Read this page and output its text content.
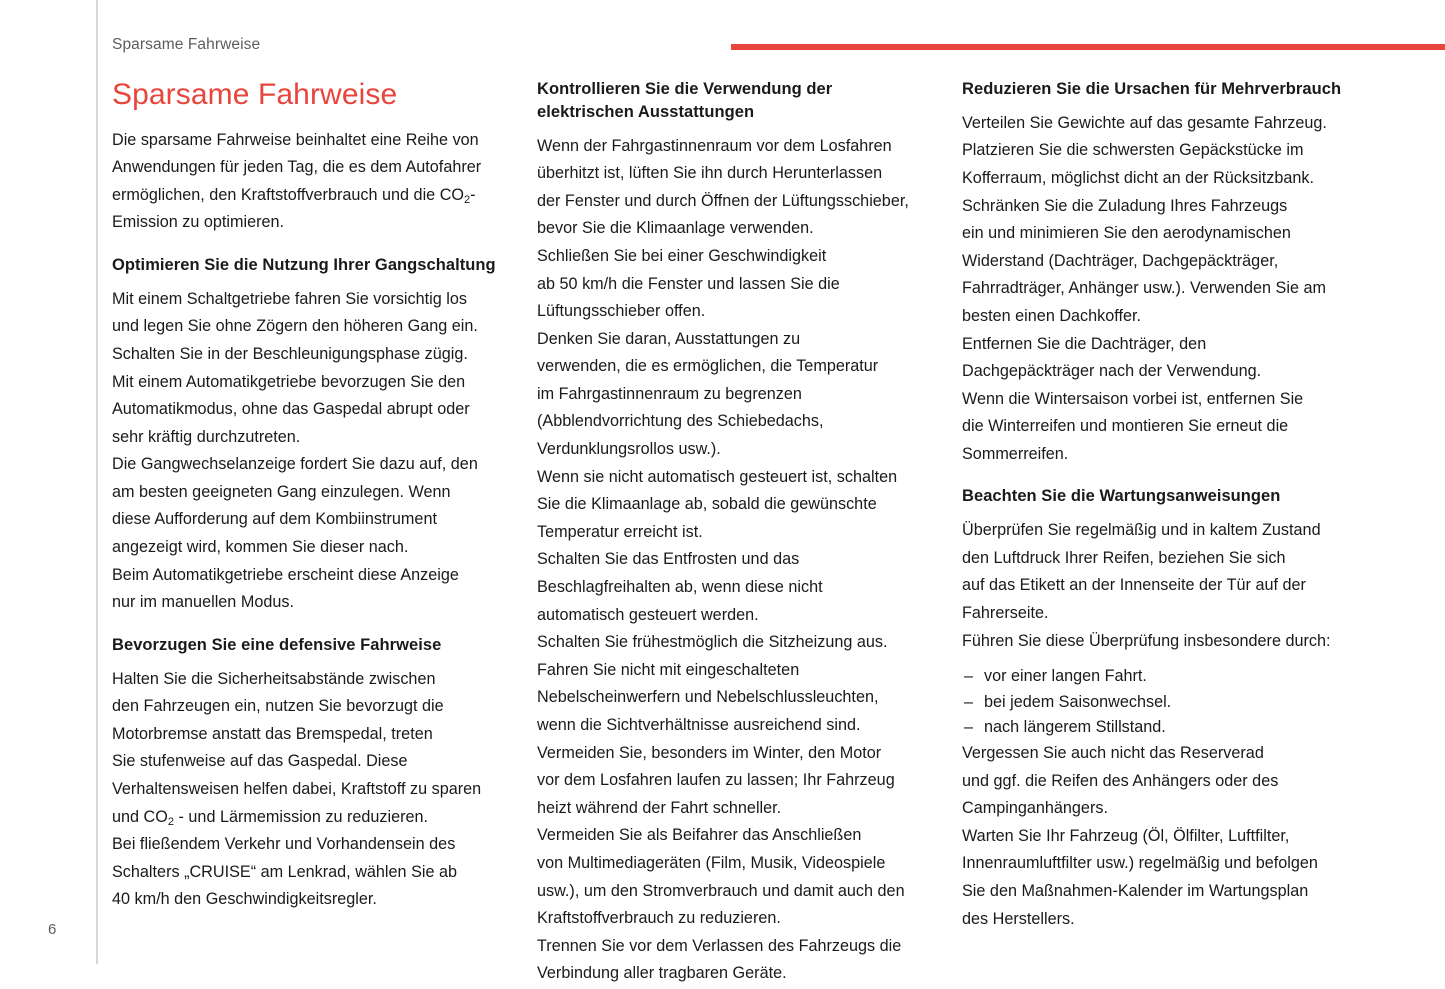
Sparsame Fahrweise
Sparsame Fahrweise

Die sparsame Fahrweise beinhaltet eine Reihe von

Anwendungen für jeden Tag, die es dem Autofahrer

ermöglichen, den Kraftstoffverbrauch und die $CO_2-$

Emission zu optimieren.

Optimieren Sie die Nutzung Ihrer Gangschaltung

Mit einem Schaltgetriebe fahren Sie vorsichtig los

und legen Sie ohne Zögern den höheren Gang ein.

Schalten Sie in der Beschleunigungsphase zügig.

Mit einem Automatikgetriebe bevorzugen Sie den

Automatikmodus, ohne das Gaspedal abrupt oder

sehr kräftig durchzutreten.

Die Gangwechselanzeige fordert Sie dazu auf, den

am besten geeigneten Gang einzulegen. Wenn

diese Aufforderung auf dem Kombiinstrument

angezeigt wird, kommen Sie dieser nach.

Beim Automatikgetriebe erscheint diese Anzeige

nur im manuellen Modus.

Bevorzugen Sie eine defensive Fahrweise

Halten Sie die Sicherheitsabstände zwischen

den Fahrzeugen ein, nutzen Sie bevorzugt die

Motorbremse anstatt das Bremspedal, treten

Sie stufenweise auf das Gaspedal. Diese

Verhaltensweisen helfen dabei, Kraftstoff zu sparen

und $CO_2$ - und Lärmemission zu reduzieren.

Bei fließendem Verkehr und Vorhandensein des

Schalters „CRUISE“ am Lenkrad, wählen Sie ab

40 km/h den Geschwindigkeitsregler.

Kontrollieren Sie die Verwendung der elektrischen Ausstattungen

Wenn der Fahrgastinnenraum vor dem Losfahren

überhitzt ist, lüften Sie ihn durch Herunterlassen

der Fenster und durch Öffnen der Lüftungsschieber,

bevor Sie die Klimaanlage verwenden.

Schließen Sie bei einer Geschwindigkeit

ab 50 km/h die Fenster und lassen Sie die

Lüftungsschieber offen.

Denken Sie daran, Ausstattungen zu

verwenden, die es ermöglichen, die Temperatur

im Fahrgastinnenraum zu begrenzen

(Abblendvorrichtung des Schiebedachs,

Verdunklungsrollos usw.).

Wenn sie nicht automatisch gesteuert ist, schalten

Sie die Klimaanlage ab, sobald die gewünschte

Temperatur erreicht ist.

Schalten Sie das Entfrosten und das

Beschlagfreihalten ab, wenn diese nicht

automatisch gesteuert werden.

Schalten Sie frühestmöglich die Sitzheizung aus.

Fahren Sie nicht mit eingeschalteten

Nebelscheinwerfern und Nebelschlussleuchten,

wenn die Sichtverhältnisse ausreichend sind.

Vermeiden Sie, besonders im Winter, den Motor

vor dem Losfahren laufen zu lassen; Ihr Fahrzeug

heizt während der Fahrt schneller.

Vermeiden Sie als Beifahrer das Anschließen

von Multimediageräten (Film, Musik, Videospiele

usw.), um den Stromverbrauch und damit auch den

Kraftstoffverbrauch zu reduzieren.

Trennen Sie vor dem Verlassen des Fahrzeugs die

Verbindung aller tragbaren Geräte.

Reduzieren Sie die Ursachen für Mehrverbrauch

Verteilen Sie Gewichte auf das gesamte Fahrzeug.

Platzieren Sie die schwersten Gepäckstücke im

Kofferraum, möglichst dicht an der Rücksitzbank.

Schränken Sie die Zuladung Ihres Fahrzeugs

ein und minimieren Sie den aerodynamischen

Widerstand (Dachträger, Dachgepäckträger,

Fahrradträger, Anhänger usw.). Verwenden Sie am

besten einen Dachkoffer.

Entfernen Sie die Dachträger, den

Dachgepäckträger nach der Verwendung.

Wenn die Wintersaison vorbei ist, entfernen Sie

die Winterreifen und montieren Sie erneut die

Sommerreifen.

Beachten Sie die Wartungsanweisungen

Überprüfen Sie regelmäßig und in kaltem Zustand

den Luftdruck Ihrer Reifen, beziehen Sie sich

auf das Etikett an der Innenseite der Tür auf der

Fahrerseite.

Führen Sie diese Überprüfung insbesondere durch:

– vor einer langen Fahrt.
– bei jedem Saisonwechsel.
– nach längerem Stillstand.

Vergessen Sie auch nicht das Reserverad

und ggf. die Reifen des Anhängers oder des

Campinganhängers.

Warten Sie Ihr Fahrzeug (Öl, Ölfilter, Luftfilter,

Innenraumluftfilter usw.) regelmäßig und befolgen

Sie den Maßnahmen-Kalender im Wartungsplan

des Herstellers.

6
